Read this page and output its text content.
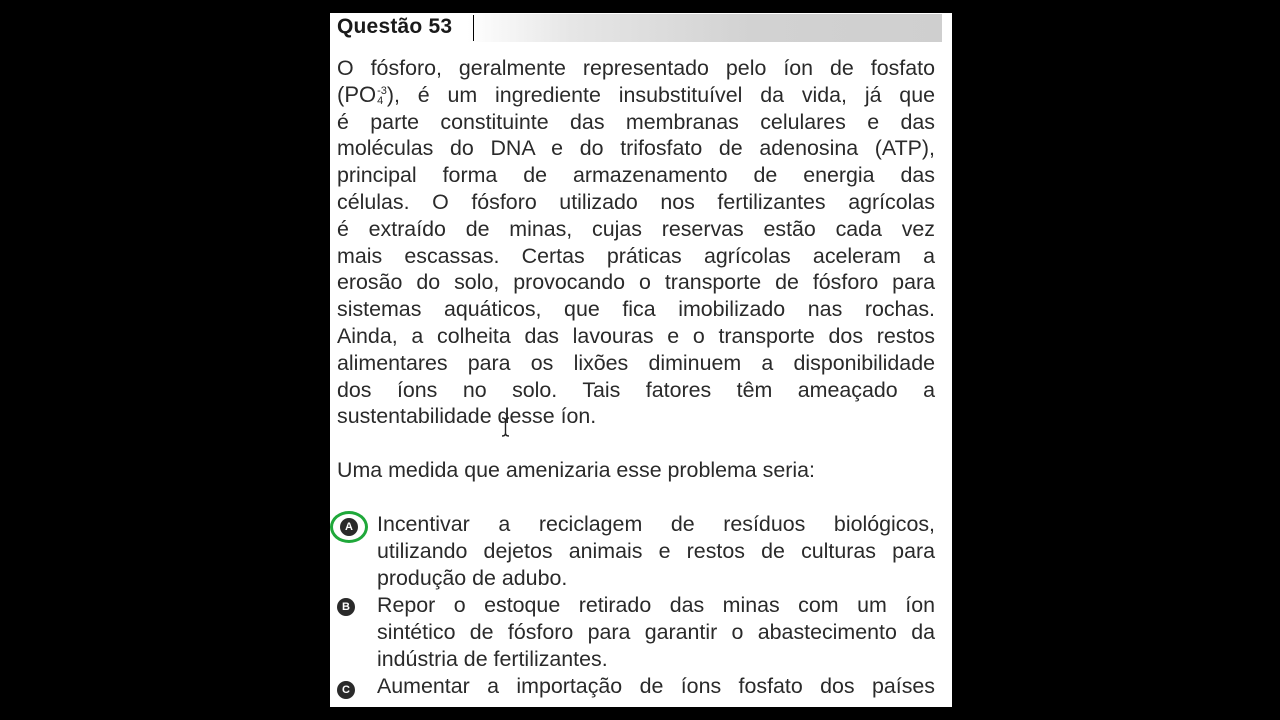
Questão 53
O fósforo, geralmente representado pelo íon de fosfato
(PO-3
4 ), é um ingrediente insubstituível da vida, já que
é parte constituinte das membranas celulares e das
moléculas do DNA e do trifosfato de adenosina (ATP),
principal forma de armazenamento de energia das
células. O fósforo utilizado nos fertilizantes agrícolas
é extraído de minas, cujas reservas estão cada vez
mais escassas. Certas práticas agrícolas aceleram a
erosão do solo, provocando o transporte de fósforo para
sistemas aquáticos, que fica imobilizado nas rochas.
Ainda, a colheita das lavouras e o transporte dos restos
alimentares para os lixões diminuem a disponibilidade
dos íons no solo. Tais fatores têm ameaçado a
sustentabilidade desse íon.
Uma medida que amenizaria esse problema seria:
A Incentivar a reciclagem de resíduos biológicos,
utilizando dejetos animais e restos de culturas para
produção de adubo.
B Repor o estoque retirado das minas com um íon
sintético de fósforo para garantir o abastecimento da
indústria de fertilizantes.
C Aumentar a importação de íons fosfato dos países
